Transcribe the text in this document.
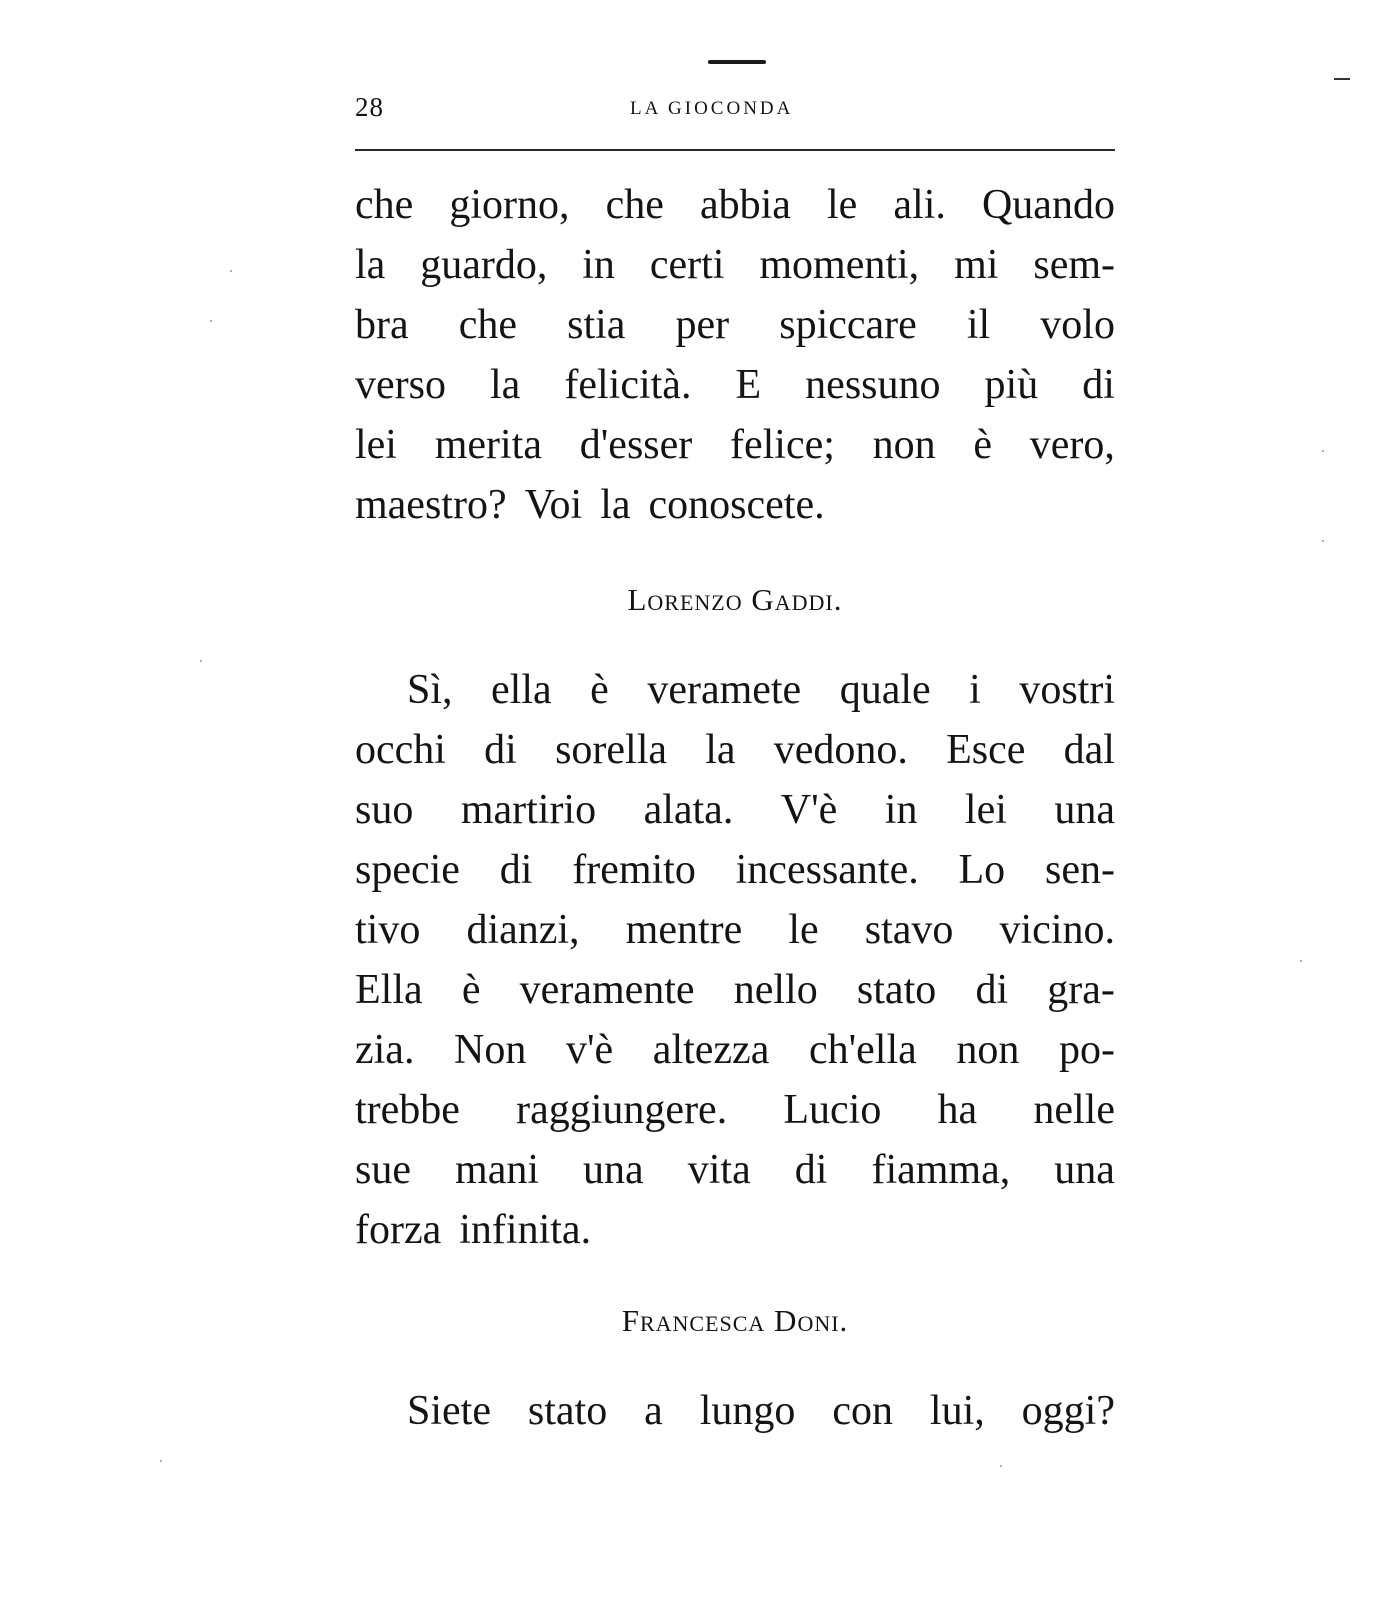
28	LA GIOCONDA
che giorno, che abbia le ali. Quando
la guardo, in certi momenti, mi sem-
bra che stia per spiccare il volo
verso la felicità. E nessuno più di
lei merita d'esser felice; non è vero,
maestro? Voi la conoscete.
Lorenzo Gaddi.
Sì, ella è veramete quale i vostri
occhi di sorella la vedono. Esce dal
suo martirio alata. V'è in lei una
specie di fremito incessante. Lo sen-
tivo dianzi, mentre le stavo vicino.
Ella è veramente nello stato di gra-
zia. Non v'è altezza ch'ella non po-
trebbe raggiungere. Lucio ha nelle
sue mani una vita di fiamma, una
forza infinita.
Francesca Doni.
Siete stato a lungo con lui, oggi?
